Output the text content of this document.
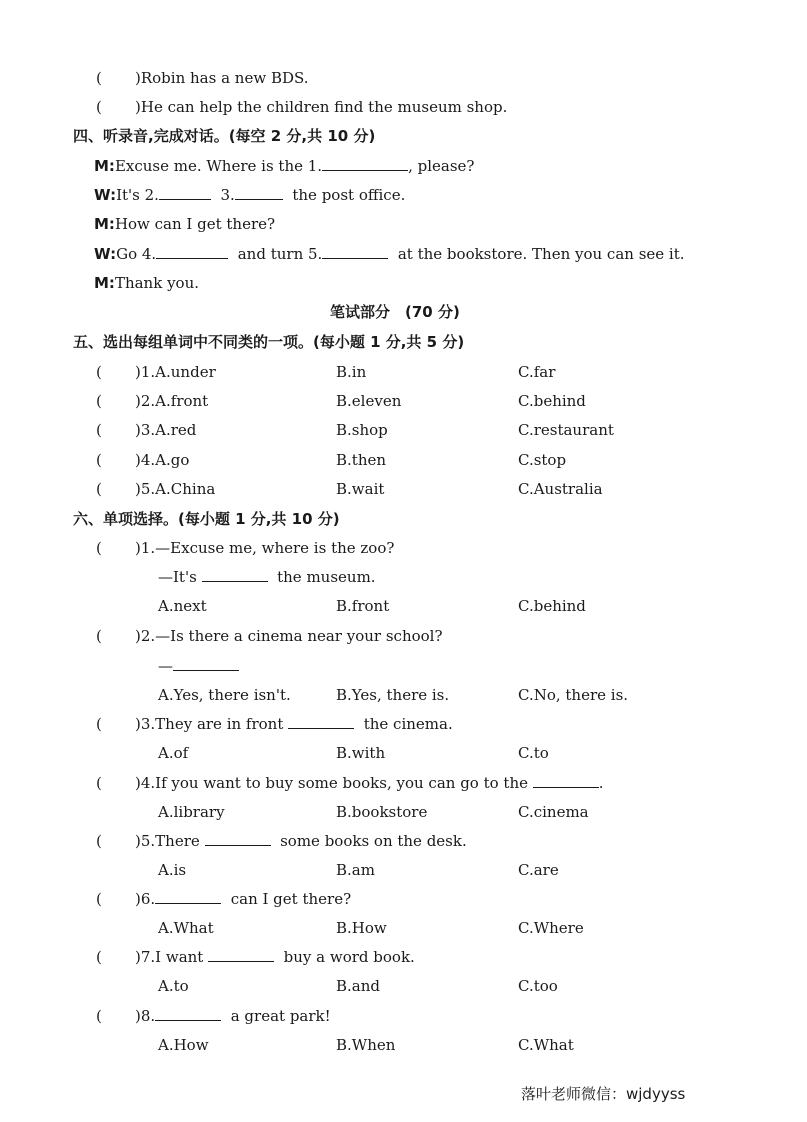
( )Robin has a new BDS.
( )He can help the children find the museum shop.
四、听录音,完成对话。(每空 2 分,共 10 分)
M:Excuse me. Where is the 1.	, please?
W:It's 2.	3.	the post office.
M:How can I get there?
W:Go 4.	and turn 5.	at the bookstore. Then you can see it.
M:Thank you.
笔试部分　(70 分)
五、选出每组单词中不同类的一项。(每小题 1 分,共 5 分)
( )1.A.under	B.in	C.far
( )2.A.front	B.eleven	C.behind
( )3.A.red	B.shop	C.restaurant
( )4.A.go	B.then	C.stop
( )5.A.China	B.wait	C.Australia
六、单项选择。(每小题 1 分,共 10 分)
( )1.—Excuse me, where is the zoo?
—It's	the museum.
A.next	B.front	C.behind
( )2.—Is there a cinema near your school?
—
A.Yes, there isn't.	B.Yes, there is.	C.No, there is.
( )3.They are in front	the cinema.
A.of	B.with	C.to
( )4.If you want to buy some books, you can go to the	.
A.library	B.bookstore	C.cinema
( )5.There	some books on the desk.
A.is	B.am	C.are
( )6.	can I get there?
A.What	B.How	C.Where
( )7.I want	buy a word book.
A.to	B.and	C.too
( )8.	a great park!
A.How	B.When	C.What
落叶老师微信：wjdyyss
